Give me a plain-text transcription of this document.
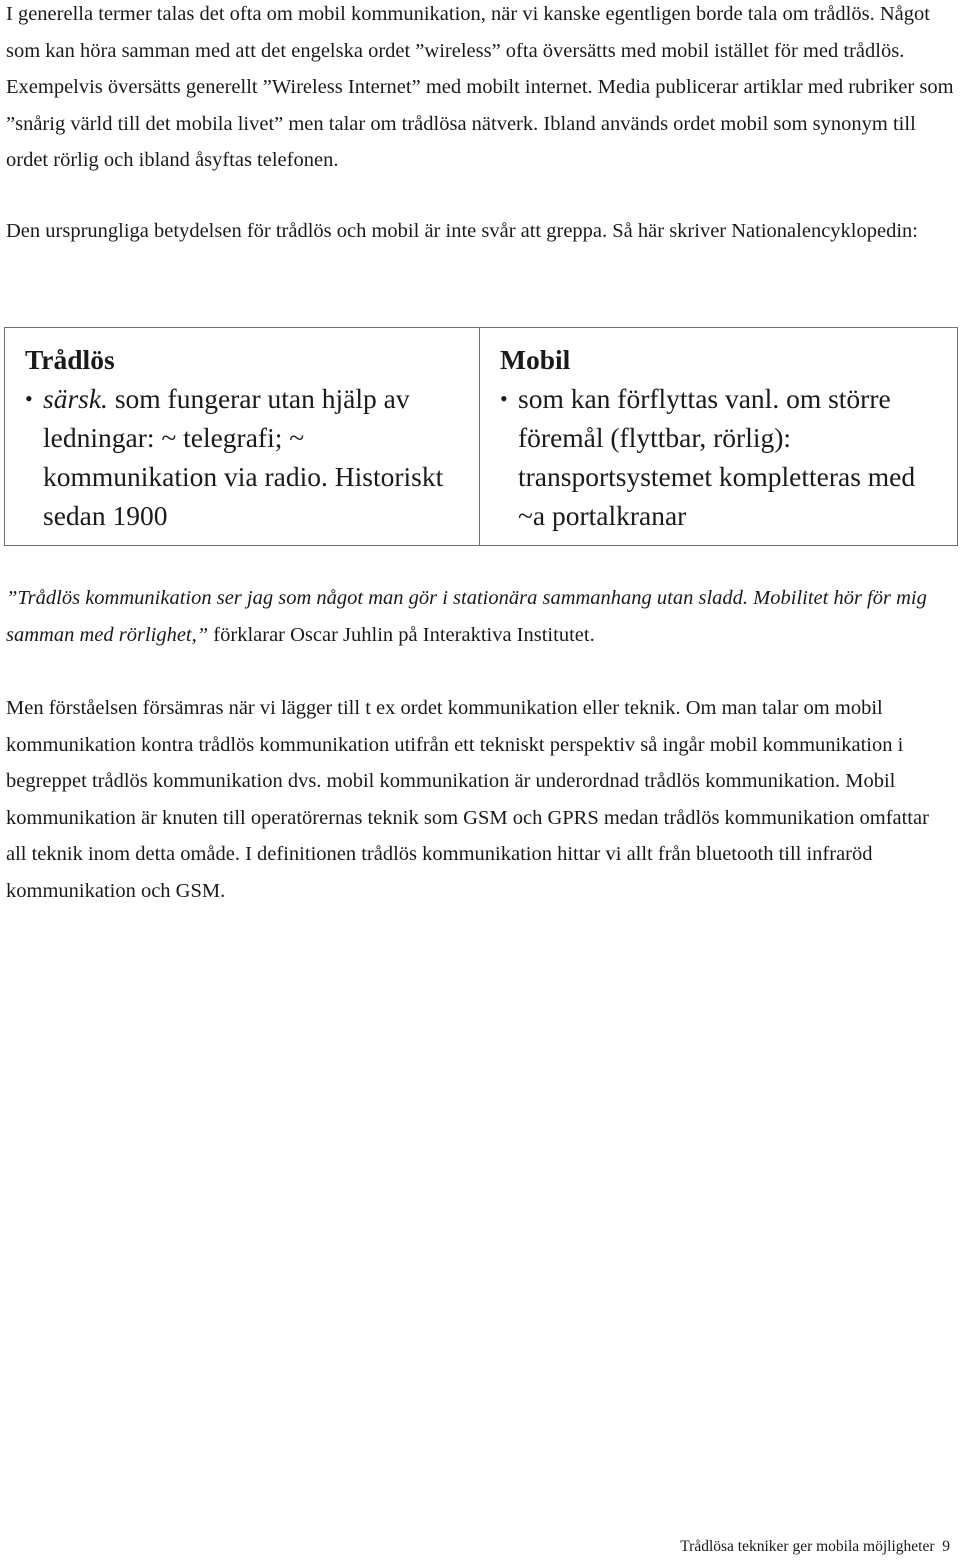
I generella termer talas det ofta om mobil kommunikation, när vi kanske egentligen borde tala om trådlös. Något som kan höra samman med att det engelska ordet ”wireless” ofta översätts med mobil istället för med trådlös. Exempelvis översätts generellt ”Wireless Internet” med mobilt internet. Media publicerar artiklar med rubriker som ”snårig värld till det mobila livet” men talar om trådlösa nätverk. Ibland används ordet mobil som synonym till ordet rörlig och ibland åsyftas telefonen.

Den ursprungliga betydelsen för trådlös och mobil är inte svår att greppa. Så här skriver Nationalencyklopedin:

Trådlös
• särsk. som fungerar utan hjälp av ledningar: ~ telegrafi; ~ kommunikation via radio. Historiskt sedan 1900
Mobil
• som kan förflyttas vanl. om större föremål (flyttbar, rörlig): transportsystemet kompletteras med ~a portalkranar

”Trådlös kommunikation ser jag som något man gör i stationära sammanhang utan sladd. Mobilitet hör för mig samman med rörlighet,” förklarar Oscar Juhlin på Interaktiva Institutet.

Men förståelsen försämras när vi lägger till t ex ordet kommunikation eller teknik. Om man talar om mobil kommunikation kontra trådlös kommunikation utifrån ett tekniskt perspektiv så ingår mobil kommunikation i begreppet trådlös kommunikation dvs. mobil kommunikation är underordnad trådlös kommunikation. Mobil kommunikation är knuten till operatörernas teknik som GSM och GPRS medan trådlös kommunikation omfattar all teknik inom detta omåde. I definitionen trådlös kommunikation hittar vi allt från bluetooth till infraröd kommunikation och GSM.

Trådlösa tekniker ger mobila möjligheter 9
